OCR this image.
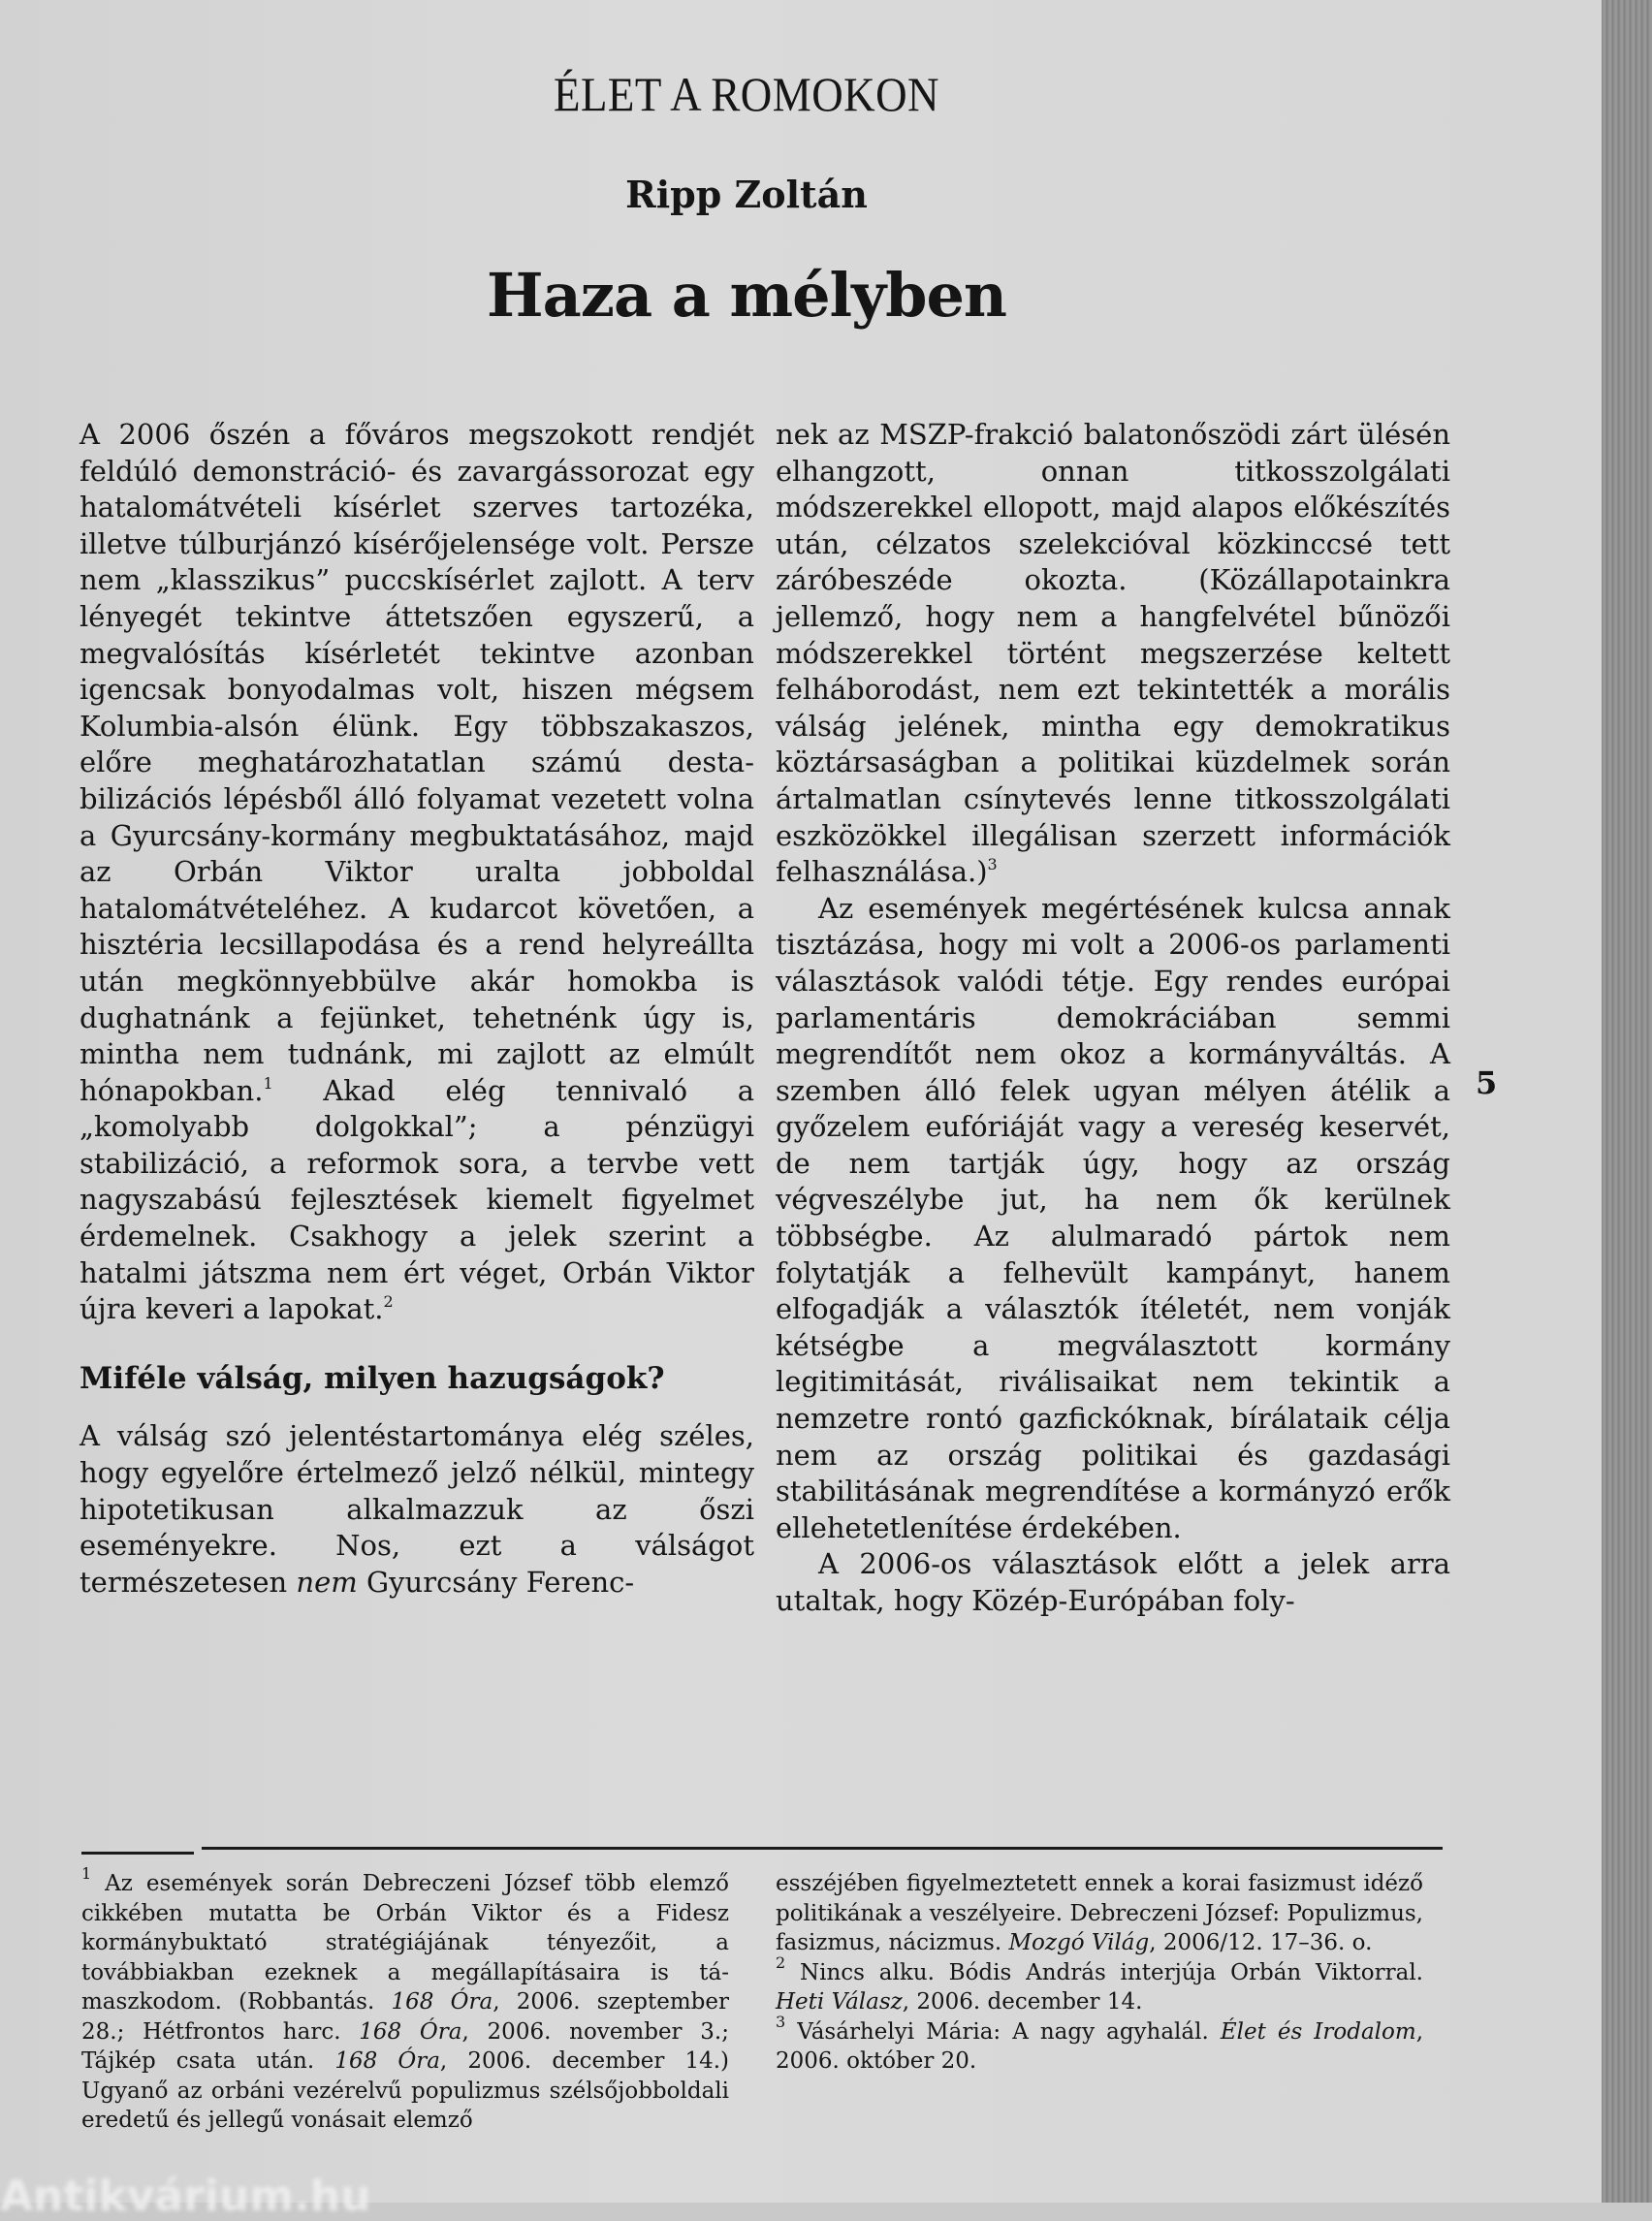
ÉLET A ROMOKON
Ripp Zoltán
Haza a mélyben

A 2006 őszén a főváros megszokott rendjét feldúló demonstráció- és zavargássorozat egy hatalomátvételi kísérlet szerves tartozéka, illetve túlburjánzó kísérőjelensége volt. Persze nem „klasszikus” puccskísérlet zajlott. A terv lényegét tekintve áttetszően egyszerű, a megvalósítás kísérletét tekintve azonban igencsak bonyodalmas volt, hiszen mégsem Kolumbia-alsón élünk. Egy többszakaszos, előre meghatározhatatlan számú destabilizációs lépésből álló folyamat vezetett volna a Gyurcsány-kormány megbuktatásához, majd az Orbán Viktor uralta jobboldal hatalomátvételéhez. A kudarcot követően, a hisztéria lecsillapodása és a rend helyreállta után megkönnyebbülve akár homokba is dughatnánk a fejünket, tehetnénk úgy is, mintha nem tudnánk, mi zajlott az elmúlt hónapokban.$^1$ Akad elég tennivaló a „komolyabb dolgokkal”; a pénzügyi stabilizáció, a reformok sora, a tervbe vett nagyszabású fejlesztések kiemelt figyelmet érdemelnek. Csakhogy a jelek szerint a hatalmi játszma nem ért véget, Orbán Viktor újra keveri a lapokat.$^2$

Miféle válság, milyen hazugságok?

A válság szó jelentéstartománya elég széles, hogy egyelőre értelmező jelző nélkül, mintegy hipotetikusan alkalmazzuk az őszi eseményekre. Nos, ezt a válságot természetesen nem Gyurcsány Ferenc-

nek az MSZP-frakció balatonőszödi zárt ülésén elhangzott, onnan titkosszolgálati módszerekkel ellopott, majd alapos előkészítés után, célzatos szelekcióval közkinccsé tett záróbeszéde okozta. (Közállapotainkra jellemző, hogy nem a hangfelvétel bűnözői módszerekkel történt megszerzése keltett felháborodást, nem ezt tekintették a morális válság jelének, mintha egy demokratikus köztársaságban a politikai küzdelmek során ártalmatlan csínytevés lenne titkosszolgálati eszközökkel illegálisan szerzett információk felhasználása.)$^3$

Az események megértésének kulcsa annak tisztázása, hogy mi volt a 2006-os parlamenti választások valódi tétje. Egy rendes európai parlamentáris demokráciában semmi megrendítőt nem okoz a kormányváltás. A szemben álló felek ugyan mélyen átélik a győzelem eufóriáját vagy a vereség keservét, de nem tartják úgy, hogy az ország végveszélybe jut, ha nem ők kerülnek többségbe. Az alulmaradó pártok nem folytatják a felhevült kampányt, hanem elfogadják a választók ítéletét, nem vonják kétségbe a megválasztott kormány legitimitását, riválisaikat nem tekintik a nemzetre rontó gazfickóknak, bírálataik célja nem az ország politikai és gazdasági stabilitásának megrendítése a kormányzó erők ellehetetlenítése érdekében.

A 2006-os választások előtt a jelek arra utaltak, hogy Közép-Európában foly-

5

$^1$ Az események során Debreczeni József több elemző cikkében mutatta be Orbán Viktor és a Fidesz kormánybuktató stratégiájának tényezőit, a továbbiakban ezeknek a megállapításaira is támaszkodom. (Robbantás. 168 Óra, 2006. szeptember 28.; Hétfrontos harc. 168 Óra, 2006. november 3.; Tájkép csata után. 168 Óra, 2006. december 14.) Ugyanő az orbáni vezérelvű populizmus szélsőjobboldali eredetű és jellegű vonásait elemző

esszéjében figyelmeztetett ennek a korai fasizmust idéző politikának a veszélyeire. Debreczeni József: Populizmus, fasizmus, nácizmus. Mozgó Világ, 2006/12. 17–36. o.

$^2$ Nincs alku. Bódis András interjúja Orbán Viktorral. Heti Válasz, 2006. december 14.

$^3$ Vásárhelyi Mária: A nagy agyhalál. Élet és Irodalom, 2006. október 20.

Antikvárium.hu
